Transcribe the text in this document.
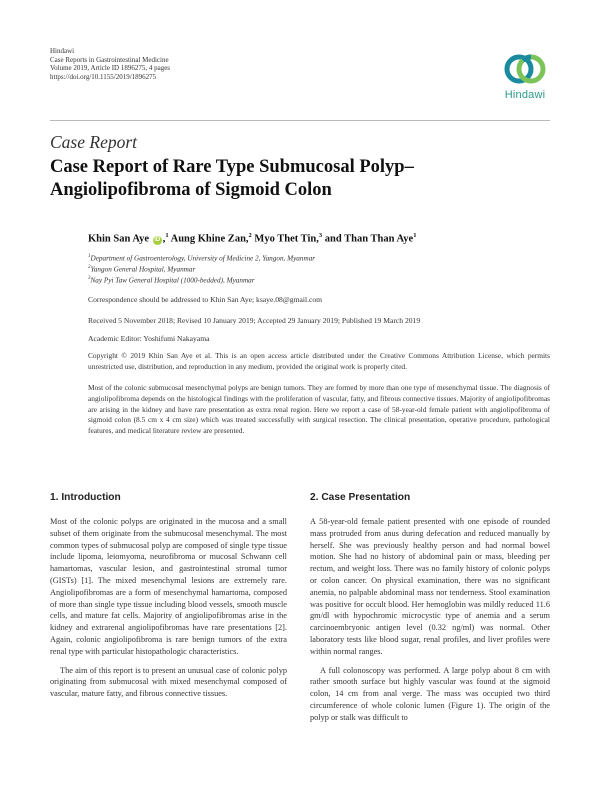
Hindawi
Case Reports in Gastrointestinal Medicine
Volume 2019, Article ID 1896275, 4 pages
https://doi.org/10.1155/2019/1896275
Hindawi
Case Report
Case Report of Rare Type Submucosal Polyp–Angiolipofibroma of Sigmoid Colon
Khin San Aye iD ,$^1$ Aung Khine Zan,$^2$ Myo Thet Tin,$^3$ and Than Than Aye$^1$
$^1$Department of Gastroenterology, University of Medicine 2, Yangon, Myanmar
$^2$Yangon General Hospital, Myanmar
$^3$Nay Pyi Taw General Hospital (1000-bedded), Myanmar
Correspondence should be addressed to Khin San Aye; ksaye.08@gmail.com
Received 5 November 2018; Revised 10 January 2019; Accepted 29 January 2019; Published 19 March 2019
Academic Editor: Yoshifumi Nakayama
Copyright © 2019 Khin San Aye et al. This is an open access article distributed under the Creative Commons Attribution License, which permits unrestricted use, distribution, and reproduction in any medium, provided the original work is properly cited.
Most of the colonic submucosal mesenchymal polyps are benign tumors. They are formed by more than one type of mesenchymal tissue. The diagnosis of angiolipofibroma depends on the histological findings with the proliferation of vascular, fatty, and fibrous connective tissues. Majority of angiolipofibromas are arising in the kidney and have rare presentation as extra renal region. Here we report a case of 58-year-old female patient with angiolipofibroma of sigmoid colon (8.5 cm x 4 cm size) which was treated successfully with surgical resection. The clinical presentation, operative procedure, pathological features, and medical literature review are presented.
1. Introduction

Most of the colonic polyps are originated in the mucosa and a small subset of them originate from the submucosal mesenchymal. The most common types of submucosal polyp are composed of single type tissue include lipoma, leiomyoma, neurofibroma or mucosal Schwann cell hamartomas, vascular lesion, and gastrointestinal stromal tumor (GISTs) [1]. The mixed mesenchymal lesions are extremely rare. Angiolipofibromas are a form of mesenchymal hamartoma, composed of more than single type tissue including blood vessels, smooth muscle cells, and mature fat cells. Majority of angiolipofibromas arise in the kidney and extrarenal angiolipofibromas have rare presentations [2]. Again, colonic angiolipofibroma is rare benign tumors of the extra renal type with particular histopathologic characteristics.

The aim of this report is to present an unusual case of colonic polyp originating from submucosal with mixed mesenchymal composed of vascular, mature fatty, and fibrous connective tissues.

2. Case Presentation

A 58-year-old female patient presented with one episode of rounded mass protruded from anus during defecation and reduced manually by herself. She was previously healthy person and had normal bowel motion. She had no history of abdominal pain or mass, bleeding per rectum, and weight loss. There was no family history of colonic polyps or colon cancer. On physical examination, there was no significant anemia, no palpable abdominal mass nor tenderness. Stool examination was positive for occult blood. Her hemoglobin was mildly reduced 11.6 gm/dl with hypochromic microcystic type of anemia and a serum carcinoembryonic antigen level (0.32 ng/ml) was normal. Other laboratory tests like blood sugar, renal profiles, and liver profiles were within normal ranges.

A full colonoscopy was performed. A large polyp about 8 cm with rather smooth surface but highly vascular was found at the sigmoid colon, 14 cm from anal verge. The mass was occupied two third circumference of whole colonic lumen (Figure 1). The origin of the polyp or stalk was difficult to
